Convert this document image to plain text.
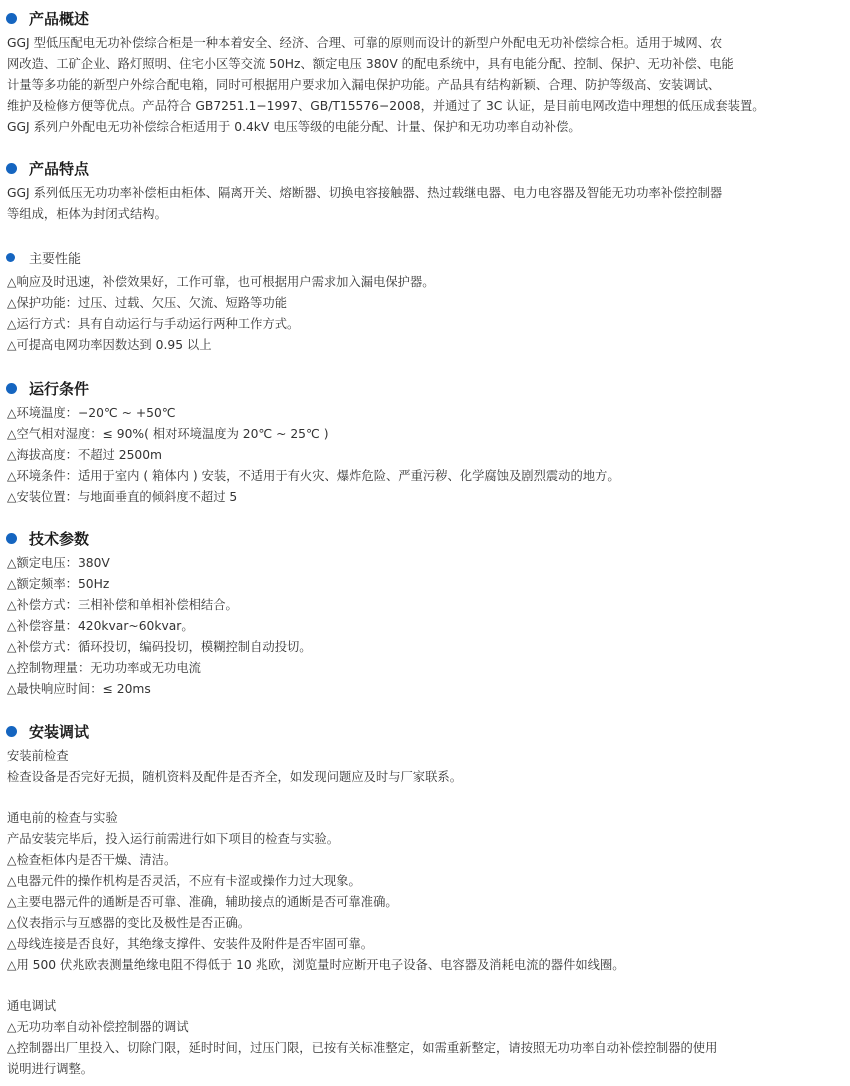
产品概述
GGJ 型低压配电无功补偿综合柜是一种本着安全、经济、合理、可靠的原则而设计的新型户外配电无功补偿综合柜。适用于城网、农
网改造、工矿企业、路灯照明、住宅小区等交流 50Hz、额定电压 380V 的配电系统中，具有电能分配、控制、保护、无功补偿、电能
计量等多功能的新型户外综合配电箱，同时可根据用户要求加入漏电保护功能。产品具有结构新颖、合理、防护等级高、安装调试、
维护及检修方便等优点。产品符合 GB7251.1−1997、GB/T15576−2008，并通过了 3C 认证，是目前电网改造中理想的低压成套装置。
GGJ 系列户外配电无功补偿综合柜适用于 0.4kV 电压等级的电能分配、计量、保护和无功功率自动补偿。
产品特点
GGJ 系列低压无功功率补偿柜由柜体、隔离开关、熔断器、切换电容接触器、热过载继电器、电力电容器及智能无功功率补偿控制器
等组成，柜体为封闭式结构。
主要性能
△响应及时迅速，补偿效果好，工作可靠，也可根据用户需求加入漏电保护器。
△保护功能：过压、过载、欠压、欠流、短路等功能
△运行方式：具有自动运行与手动运行两种工作方式。
△可提高电网功率因数达到 0.95 以上
运行条件
△环境温度：−20℃ ~ +50℃
△空气相对湿度：≤ 90%( 相对环境温度为 20℃ ~ 25℃ )
△海拔高度：不超过 2500m
△环境条件：适用于室内 ( 箱体内 ) 安装，不适用于有火灾、爆炸危险、严重污秽、化学腐蚀及剧烈震动的地方。
△安装位置：与地面垂直的倾斜度不超过 5
技术参数
△额定电压：380V
△额定频率：50Hz
△补偿方式：三相补偿和单相补偿相结合。
△补偿容量：420kvar~60kvar。
△补偿方式：循环投切，编码投切，模糊控制自动投切。
△控制物理量：无功功率或无功电流
△最快响应时间：≤ 20ms
安装调试
安装前检查
检查设备是否完好无损，随机资料及配件是否齐全，如发现问题应及时与厂家联系。
通电前的检查与实验
产品安装完毕后，投入运行前需进行如下项目的检查与实验。
△检查柜体内是否干燥、清洁。
△电器元件的操作机构是否灵活，不应有卡涩或操作力过大现象。
△主要电器元件的通断是否可靠、准确，辅助接点的通断是否可靠准确。
△仪表指示与互感器的变比及极性是否正确。
△母线连接是否良好，其绝缘支撑件、安装件及附件是否牢固可靠。
△用 500 伏兆欧表测量绝缘电阻不得低于 10 兆欧，浏览量时应断开电子设备、电容器及消耗电流的器件如线圈。
通电调试
△无功功率自动补偿控制器的调试
△控制器出厂里投入、切除门限，延时时间，过压门限，已按有关标准整定，如需重新整定，请按照无功功率自动补偿控制器的使用
说明进行调整。
